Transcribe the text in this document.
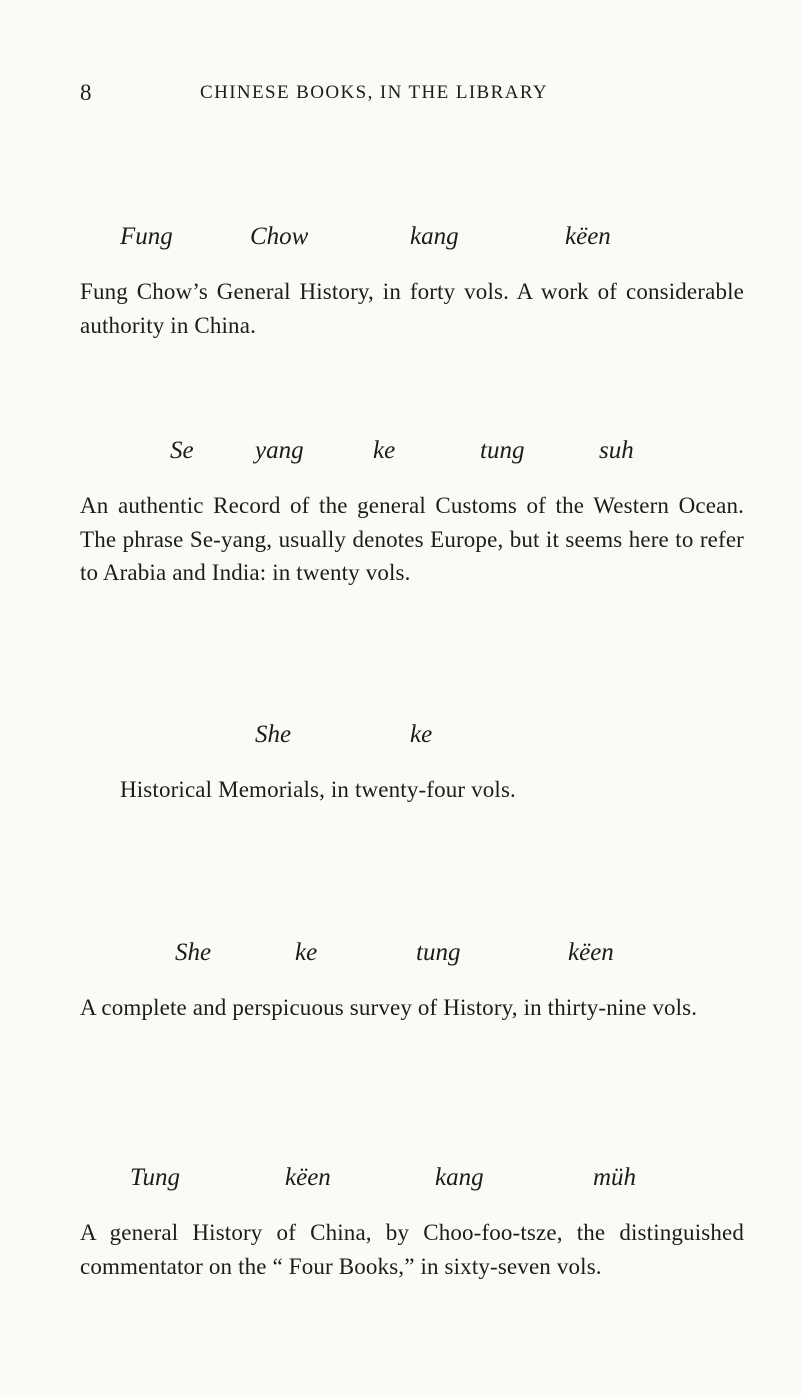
8	CHINESE BOOKS, IN THE LIBRARY
Fung	Chow	kang	këen
Fung Chow’s General History, in forty vols. A work of considerable authority in China.
Se yang	ke	tung	suh
An authentic Record of the general Customs of the Western Ocean. The phrase Se-yang, usually denotes Europe, but it seems here to refer to Arabia and India: in twenty vols.
She	ke
Historical Memorials, in twenty-four vols.
She	ke	tung	këen
A complete and perspicuous survey of History, in thirty-nine vols.
Tung	këen	kang	müh
A general History of China, by Choo-foo-tsze, the distinguished commentator on the “ Four Books,” in sixty-seven vols.
